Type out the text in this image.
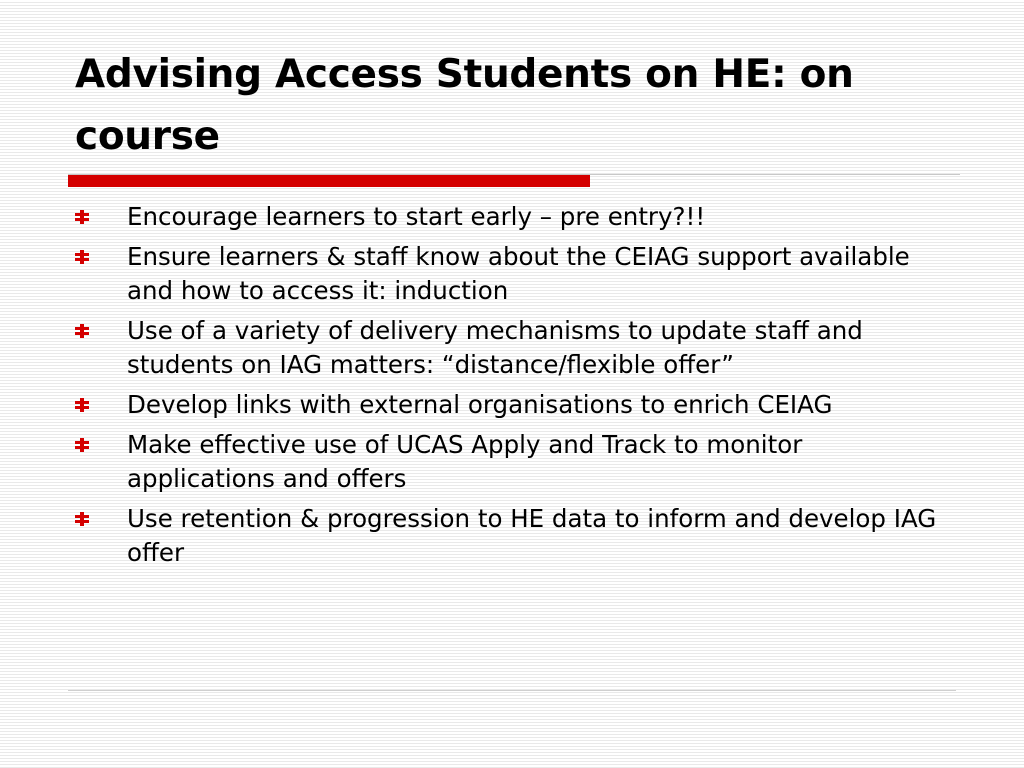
Advising Access Students on HE: on course
Encourage learners to start early – pre entry?!!
Ensure learners & staff know about the CEIAG support available and how to access it: induction
Use of a variety of delivery mechanisms to update staff and students on IAG matters: “distance/flexible offer”
Develop links with external organisations to enrich CEIAG
Make effective use of UCAS Apply and Track to monitor applications and offers
Use retention & progression to HE data to inform and develop IAG offer
